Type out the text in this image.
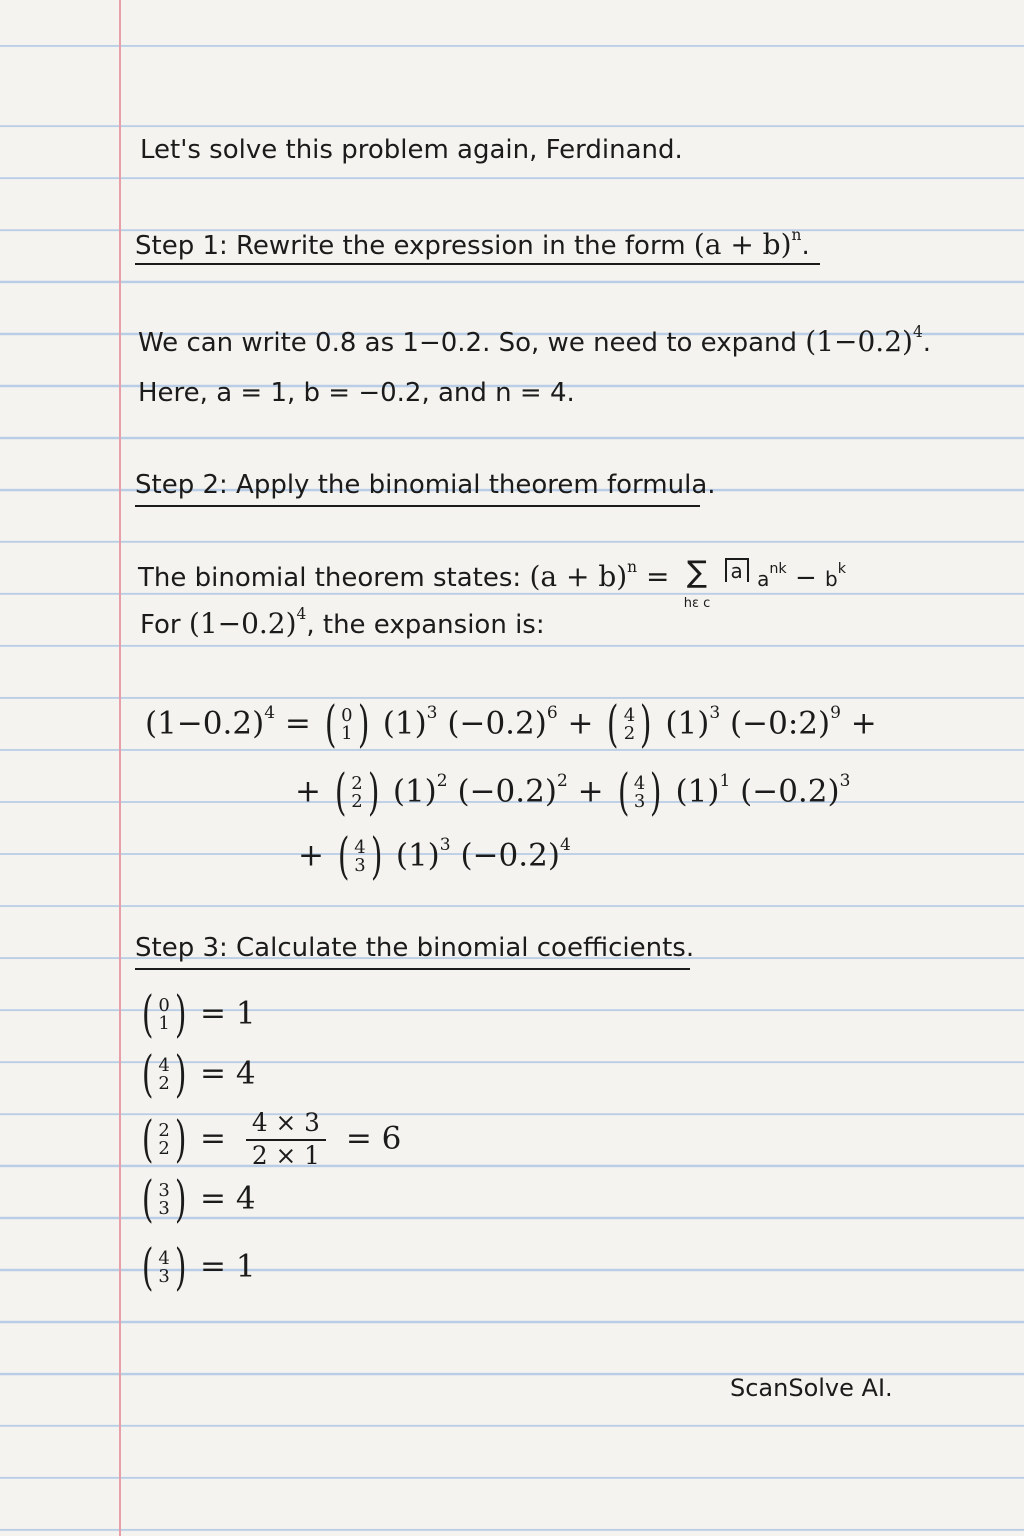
Let's solve this problem again, Ferdinand.
Step 1: Rewrite the expression in the form $(a + b)^n$.
We can write 0.8 as 1−0.2. So, we need to expand $(1-0.2)^4$.
Here, a = 1, b = −0.2, and n = 4.
Step 2: Apply the binomial theorem formula.
The binomial theorem states: $(a + b)^n$ = ∑
hε c
a $a^{nk} - b^k$
For $(1-0.2)^4$, the expansion is:
$(1-0.2)^4$ = ( 0
1 ) $(1)^3$ $(-0.2)^6$ + ( 4
2 ) $(1)^3$ (−0:2)$^9$ +
+ ( 2
2 ) $(1)^2$ $(-0.2)^2$ + ( 4
3 ) $(1)^1$ $(-0.2)^3$
+ ( 4
3 ) $(1)^3$ $(-0.2)^4$
Step 3: Calculate the binomial coefficients.
( 0
1 ) = 1
( 4
2 ) = 4
( 2
2 ) = $\frac{4 \times 3}{2 \times 1} = 6$
( 3
3 ) = 4
( 4
3 ) = 1
ScanSolve AI.
